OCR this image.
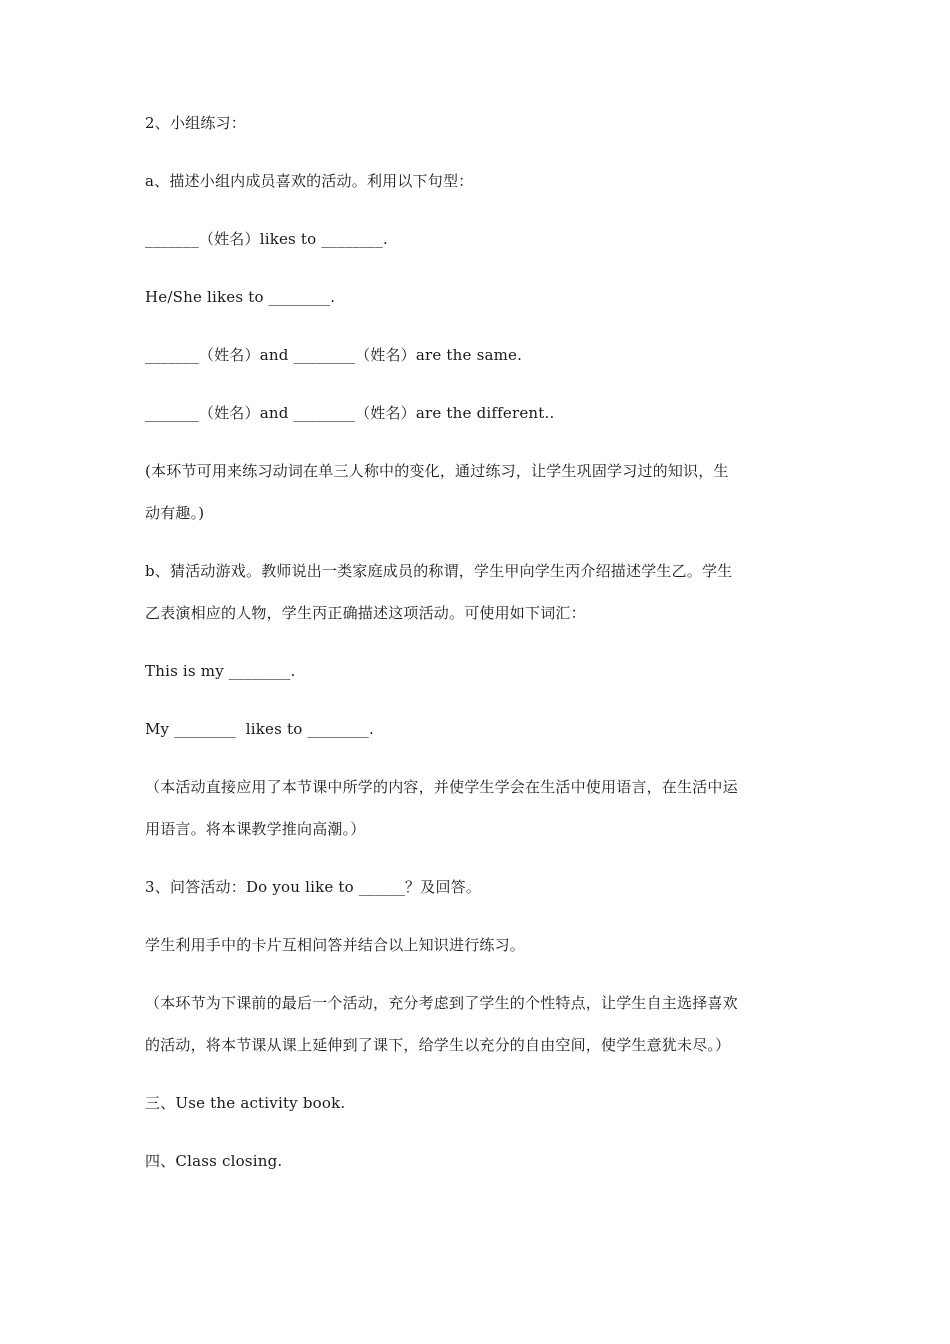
2、小组练习：
a、描述小组内成员喜欢的活动。利用以下句型：
_______（姓名）likes to ________.
He/She likes to ________.
_______（姓名）and ________（姓名）are the same.
_______（姓名）and ________（姓名）are the different..
(本环节可用来练习动词在单三人称中的变化，通过练习，让学生巩固学习过的知识，生
动有趣。)
b、猜活动游戏。教师说出一类家庭成员的称谓，学生甲向学生丙介绍描述学生乙。学生
乙表演相应的人物，学生丙正确描述这项活动。可使用如下词汇：
This is my ________.
My ________  likes to ________.
（本活动直接应用了本节课中所学的内容，并使学生学会在生活中使用语言，在生活中运
用语言。将本课教学推向高潮。）
3、问答活动：Do you like to ______？及回答。
学生利用手中的卡片互相问答并结合以上知识进行练习。
（本环节为下课前的最后一个活动，充分考虑到了学生的个性特点，让学生自主选择喜欢
的活动，将本节课从课上延伸到了课下，给学生以充分的自由空间，使学生意犹未尽。）
三、Use the activity book.
四、Class closing.
